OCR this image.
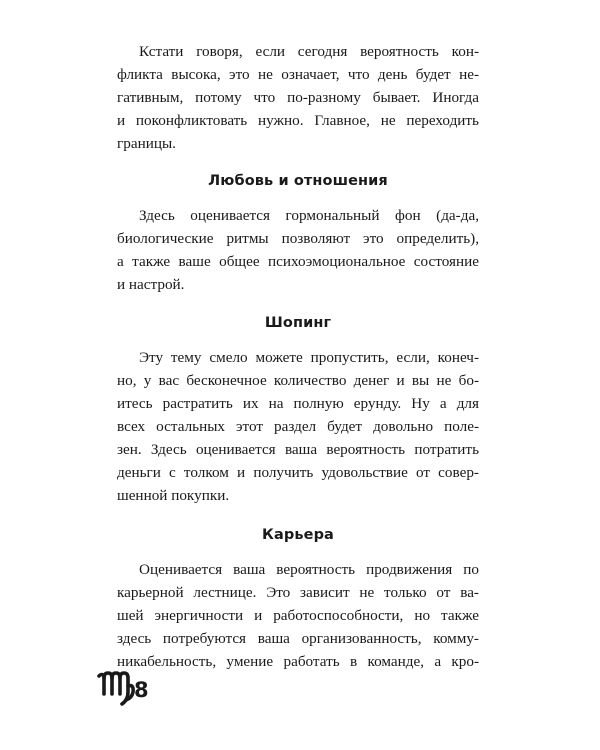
Кстати говоря, если сегодня вероятность кон-
фликта высока, это не означает, что день будет не-
гативным, потому что по-разному бывает. Иногда
и поконфликтовать нужно. Главное, не переходить
границы.

Любовь и отношения

Здесь оценивается гормональный фон (да-да,
биологические ритмы позволяют это определить),
а также ваше общее психоэмоциональное состояние
и настрой.

Шопинг

Эту тему смело можете пропустить, если, конеч-
но, у вас бесконечное количество денег и вы не бо-
итесь растратить их на полную ерунду. Ну а для
всех остальных этот раздел будет довольно поле-
зен. Здесь оценивается ваша вероятность потратить
деньги с толком и получить удовольствие от совер-
шенной покупки.

Карьера

Оценивается ваша вероятность продвижения по
карьерной лестнице. Это зависит не только от ва-
шей энергичности и работоспособности, но также
здесь потребуются ваша организованность, комму-
никабельность, умение работать в команде, а кро-

8
